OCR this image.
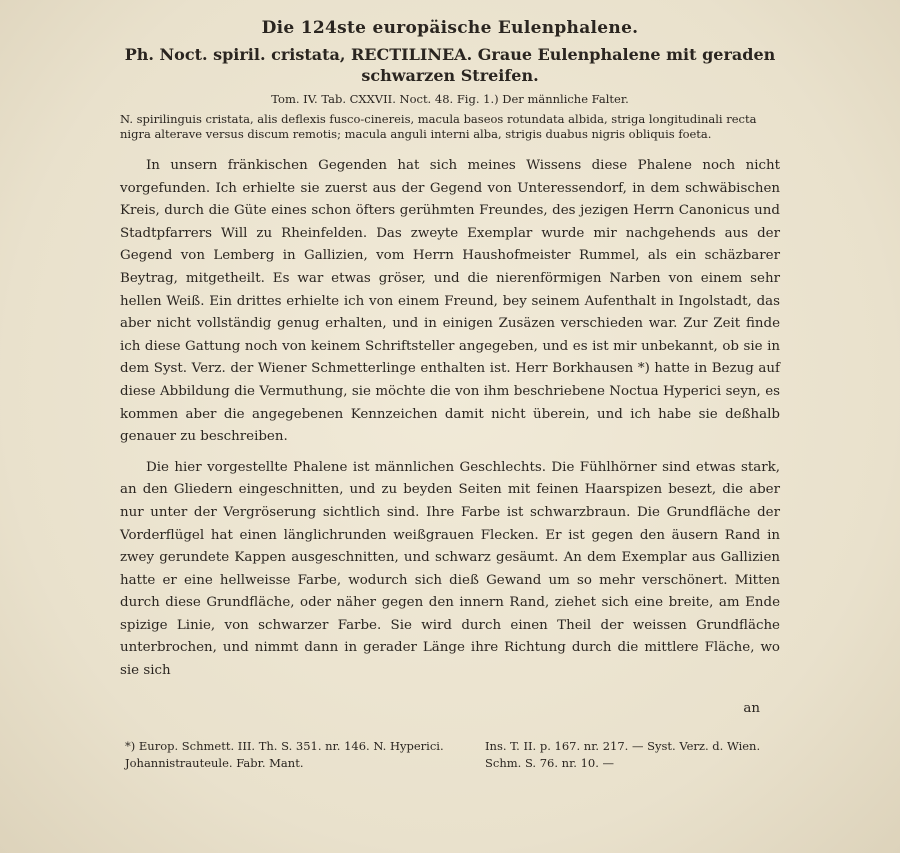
Die 124ste europäische Eulenphalene.
Ph. Noct. spiril. cristata, RECTILINEA. Graue Eulenphalene mit geraden schwarzen Streifen.
Tom. IV. Tab. CXXVII. Noct. 48. Fig. 1.) Der männliche Falter.
N. spirilinguis cristata, alis deflexis fusco-cinereis, macula baseos rotundata albida, striga longitudinali recta nigra alterave versus discum remotis; macula anguli interni alba, strigis duabus nigris obliquis foeta.

In unsern fränkischen Gegenden hat sich meines Wissens diese Phalene noch nicht vorgefunden. Ich erhielte sie zuerst aus der Gegend von Unteressendorf, in dem schwäbischen Kreis, durch die Güte eines schon öfters gerühmten Freundes, des jezigen Herrn Canonicus und Stadtpfarrers Will zu Rheinfelden. Das zweyte Exemplar wurde mir nachgehends aus der Gegend von Lemberg in Gallizien, vom Herrn Haushofmeister Rummel, als ein schäzbarer Beytrag, mitgetheilt. Es war etwas gröser, und die nierenförmigen Narben von einem sehr hellen Weiß. Ein drittes erhielte ich von einem Freund, bey seinem Aufenthalt in Ingolstadt, das aber nicht vollständig genug erhalten, und in einigen Zusäzen verschieden war. Zur Zeit finde ich diese Gattung noch von keinem Schriftsteller angegeben, und es ist mir unbekannt, ob sie in dem Syst. Verz. der Wiener Schmetterlinge enthalten ist. Herr Borkhausen *) hatte in Bezug auf diese Abbildung die Vermuthung, sie möchte die von ihm beschriebene Noctua Hyperici seyn, es kommen aber die angegebenen Kennzeichen damit nicht überein, und ich habe sie deßhalb genauer zu beschreiben.

Die hier vorgestellte Phalene ist männlichen Geschlechts. Die Fühlhörner sind etwas stark, an den Gliedern eingeschnitten, und zu beyden Seiten mit feinen Haarspizen besezt, die aber nur unter der Vergröserung sichtlich sind. Ihre Farbe ist schwarzbraun. Die Grundfläche der Vorderflügel hat einen länglichrunden weißgrauen Flecken. Er ist gegen den äusern Rand in zwey gerundete Kappen ausgeschnitten, und schwarz gesäumt. An dem Exemplar aus Gallizien hatte er eine hellweisse Farbe, wodurch sich dieß Gewand um so mehr verschönert. Mitten durch diese Grundfläche, oder näher gegen den innern Rand, ziehet sich eine breite, am Ende spizige Linie, von schwarzer Farbe. Sie wird durch einen Theil der weissen Grundfläche unterbrochen, und nimmt dann in gerader Länge ihre Richtung durch die mittlere Fläche, wo sie sich

an
*) Europ. Schmett. III. Th. S. 351. nr. 146. N. Hyperici. Johannistrauteule. Fabr. Mant.
Ins. T. II. p. 167. nr. 217. — Syst. Verz. d. Wien. Schm. S. 76. nr. 10. —
